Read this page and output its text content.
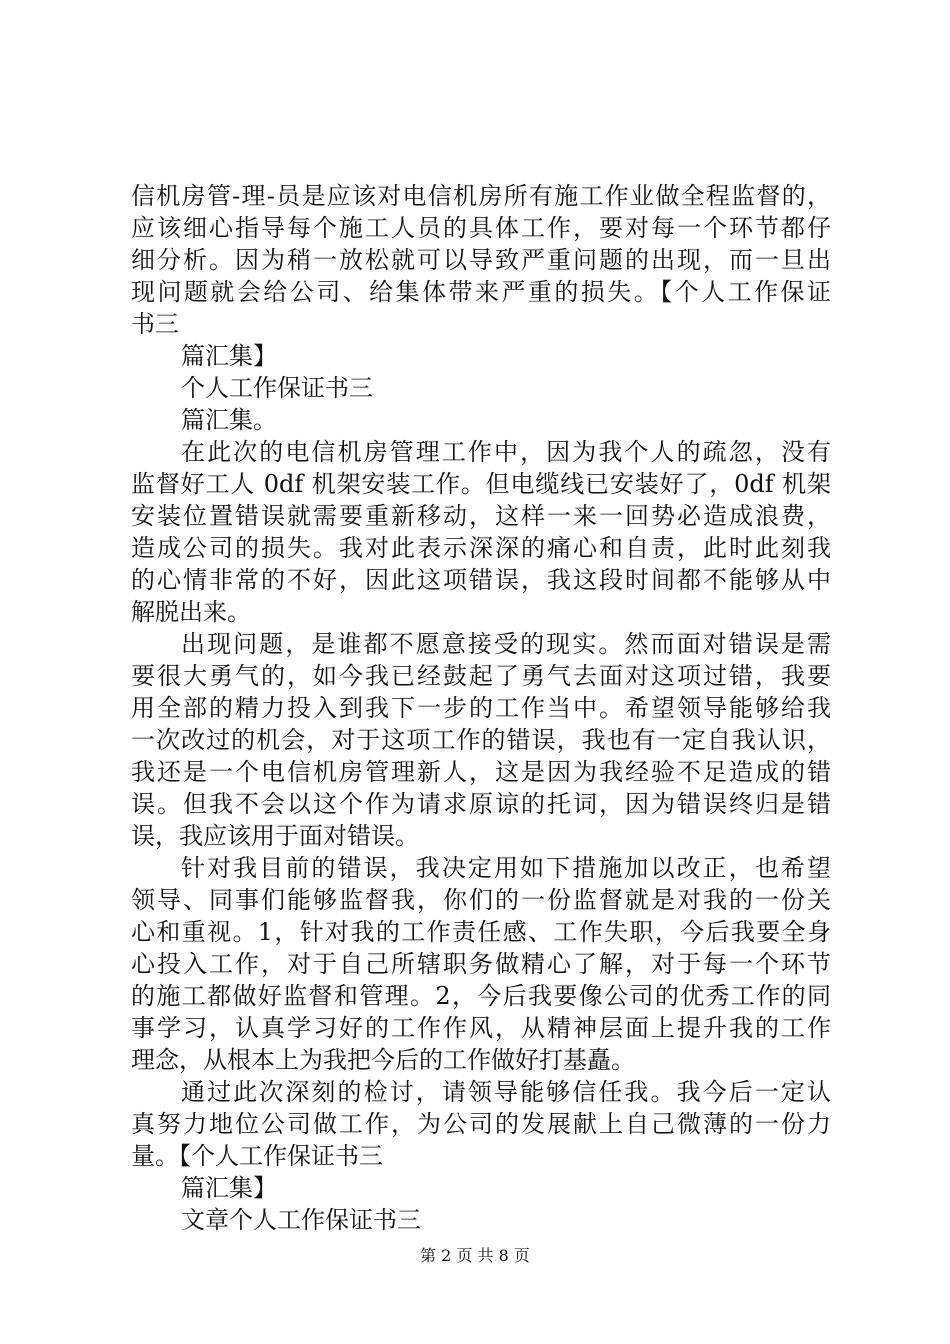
信机房管-理-员是应该对电信机房所有施工作业做全程监督的，
应该细心指导每个施工人员的具体工作，要对每一个环节都仔
细分析。因为稍一放松就可以导致严重问题的出现，而一旦出
现问题就会给公司、给集体带来严重的损失。【个人工作保证
书三
篇汇集】
个人工作保证书三
篇汇集。
在此次的电信机房管理工作中，因为我个人的疏忽，没有
监督好工人 0df 机架安装工作。但电缆线已安装好了，0df 机架
安装位置错误就需要重新移动，这样一来一回势必造成浪费，
造成公司的损失。我对此表示深深的痛心和自责，此时此刻我
的心情非常的不好，因此这项错误，我这段时间都不能够从中
解脱出来。
出现问题，是谁都不愿意接受的现实。然而面对错误是需
要很大勇气的，如今我已经鼓起了勇气去面对这项过错，我要
用全部的精力投入到我下一步的工作当中。希望领导能够给我
一次改过的机会，对于这项工作的错误，我也有一定自我认识，
我还是一个电信机房管理新人，这是因为我经验不足造成的错
误。但我不会以这个作为请求原谅的托词，因为错误终归是错
误，我应该用于面对错误。
针对我目前的错误，我决定用如下措施加以改正，也希望
领导、同事们能够监督我，你们的一份监督就是对我的一份关
心和重视。1，针对我的工作责任感、工作失职，今后我要全身
心投入工作，对于自己所辖职务做精心了解，对于每一个环节
的施工都做好监督和管理。2，今后我要像公司的优秀工作的同
事学习，认真学习好的工作作风，从精神层面上提升我的工作
理念，从根本上为我把今后的工作做好打基矗。
通过此次深刻的检讨，请领导能够信任我。我今后一定认
真努力地位公司做工作，为公司的发展献上自己微薄的一份力
量。【个人工作保证书三
篇汇集】
文章个人工作保证书三
第 2 页 共 8 页
